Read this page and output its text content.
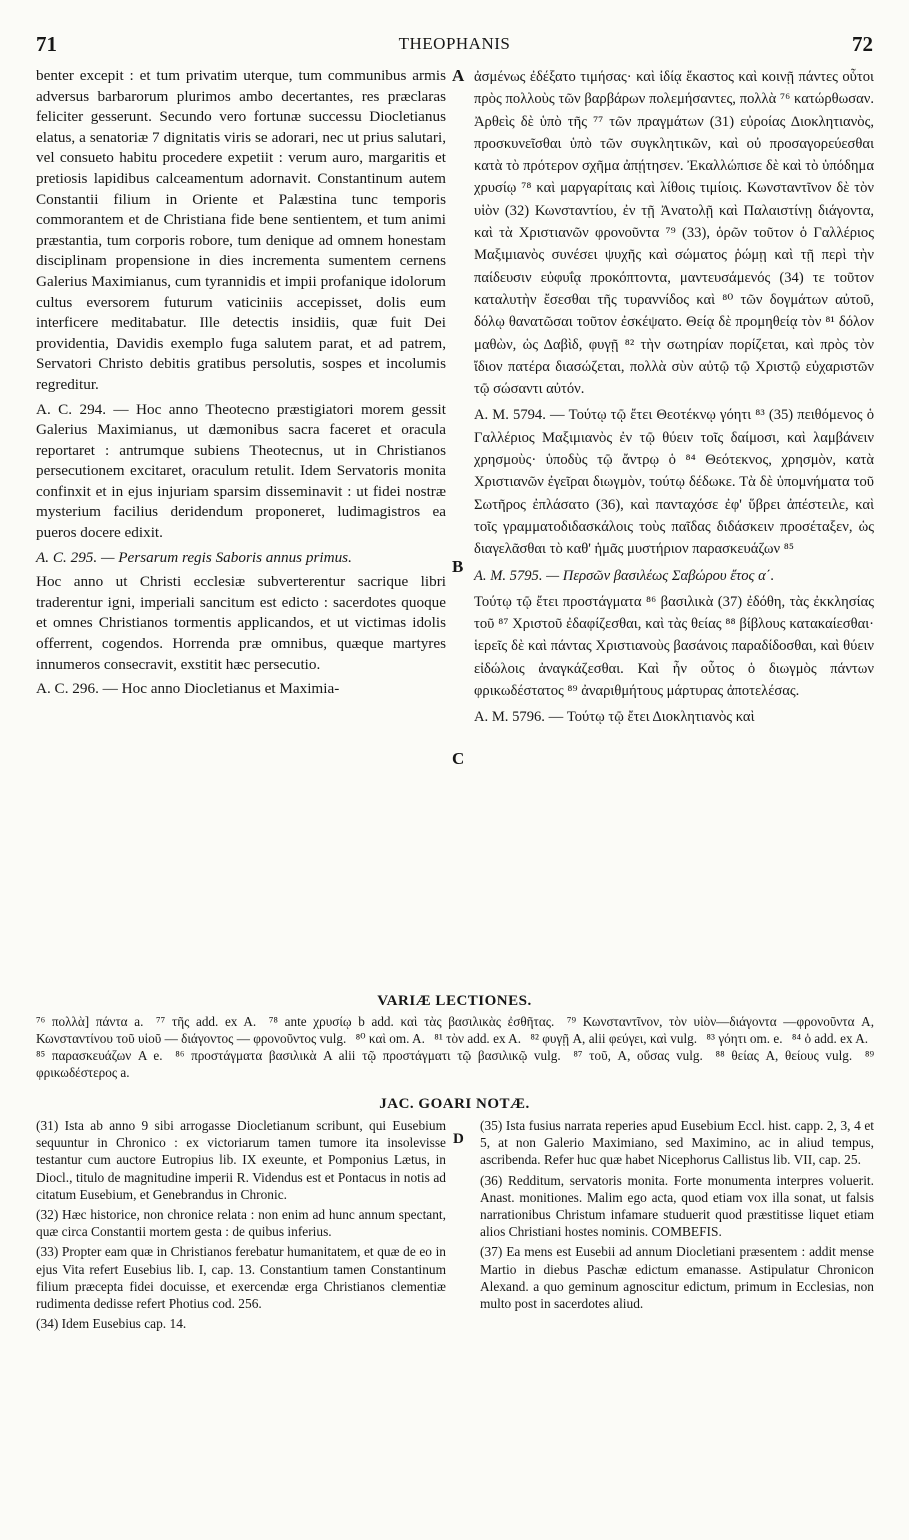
71	THEOPHANIS	72

benter excepit : et tum privatim uterque, tum communibus armis adversus barbarorum plurimos ambo decertantes, res præclaras feliciter gesserunt. Secundo vero fortunæ successu Diocletianus elatus, a senatoriæ 7 dignitatis viris se adorari, nec ut prius salutari, vel consueto habitu procedere expetiit : verum auro, margaritis et pretiosis lapidibus calceamentum adornavit. Constantinum autem Constantii filium in Oriente et Palæstina tunc temporis commorantem et de Christiana fide bene sentientem, et tum animi præstantia, tum corporis robore, tum denique ad omnem honestam disciplinam propensione in dies incrementa sumentem cernens Galerius Maximianus, cum tyrannidis et impii profanique idolorum cultus eversorem futurum vaticiniis accepisset, dolis eum interficere meditabatur. Ille detectis insidiis, quæ fuit Dei providentia, Davidis exemplo fuga salutem parat, et ad patrem, Servatori Christo debitis gratibus persolutis, sospes et incolumis regreditur.

A. C. 294. — Hoc anno Theotecno præstigiatori morem gessit Galerius Maximianus, ut dæmonibus sacra faceret et oracula reportaret : antrumque subiens Theotecnus, ut in Christianos persecutionem excitaret, oraculum retulit. Idem Servatoris monita confinxit et in ejus injuriam sparsim disseminavit : ut fidei nostræ mysterium facilius deridendum proponeret, ludimagistros ea pueros docere edixit.

A. C. 295. — Persarum regis Saboris annus primus.

Hoc anno ut Christi ecclesiæ subverterentur sacrique libri traderentur igni, imperiali sancitum est edicto : sacerdotes quoque et omnes Christianos tormentis applicandos, et ut victimas idolis offerrent, cogendos. Horrenda præ omnibus, quæque martyres innumeros consecravit, exstitit hæc persecutio.

A. C. 296. — Hoc anno Diocletianus et Maximia-

A
B
C

ἀσμένως ἐδέξατο τιμήσας· καὶ ἰδίᾳ ἕκαστος καὶ κοινῇ πάντες οὗτοι πρὸς πολλοὺς τῶν βαρβάρων πολεμήσαντες, πολλὰ ⁷⁶ κατώρθωσαν. Ἀρθεὶς δὲ ὑπὸ τῆς ⁷⁷ τῶν πραγμάτων (31) εὐροίας Διοκλητιανὸς, προσκυνεῖσθαι ὑπὸ τῶν συγκλητικῶν, καὶ οὐ προσαγορεύεσθαι κατὰ τὸ πρότερον σχῆμα ἀπῄτησεν. Ἐκαλλώπισε δὲ καὶ τὸ ὑπόδημα χρυσίῳ ⁷⁸ καὶ μαργαρίταις καὶ λίθοις τιμίοις. Κωνσταντῖνον δὲ τὸν υἱὸν (32) Κωνσταντίου, ἐν τῇ Ἀνατολῇ καὶ Παλαιστίνῃ διάγοντα, καὶ τὰ Χριστιανῶν φρονοῦντα ⁷⁹ (33), ὁρῶν τοῦτον ὁ Γαλλέριος Μαξιμιανὸς συνέσει ψυχῆς καὶ σώματος ῥώμῃ καὶ τῇ περὶ τὴν παίδευσιν εὐφυΐᾳ προκόπτοντα, μαντευσάμενός (34) τε τοῦτον καταλυτὴν ἔσεσθαι τῆς τυραννίδος καὶ ⁸⁰ τῶν δογμάτων αὐτοῦ, δόλῳ θανατῶσαι τοῦτον ἐσκέψατο. Θείᾳ δὲ προμηθείᾳ τὸν ⁸¹ δόλον μαθὼν, ὡς Δαβὶδ, φυγῇ ⁸² τὴν σωτηρίαν πορίζεται, καὶ πρὸς τὸν ἴδιον πατέρα διασώζεται, πολλὰ σὺν αὐτῷ τῷ Χριστῷ εὐχαριστῶν τῷ σώσαντι αὐτόν.

A. M. 5794. — Τούτῳ τῷ ἔτει Θεοτέκνῳ γόητι ⁸³ (35) πειθόμενος ὁ Γαλλέριος Μαξιμιανὸς ἐν τῷ θύειν τοῖς δαίμοσι, καὶ λαμβάνειν χρησμοὺς· ὑποδὺς τῷ ἄντρῳ ὁ ⁸⁴ Θεότεκνος, χρησμὸν, κατὰ Χριστιανῶν ἐγεῖραι διωγμὸν, τούτῳ δέδωκε. Τὰ δὲ ὑπομνήματα τοῦ Σωτῆρος ἐπλάσατο (36), καὶ πανταχόσε ἐφ' ὕβρει ἀπέστειλε, καὶ τοῖς γραμματοδιδασκάλοις τοὺς παῖδας διδάσκειν προσέταξεν, ὡς διαγελᾶσθαι τὸ καθ' ἡμᾶς μυστήριον παρασκευάζων ⁸⁵

A. M. 5795. — Περσῶν βασιλέως Σαβώρου ἔτος α΄.

Τούτῳ τῷ ἔτει προστάγματα ⁸⁶ βασιλικὰ (37) ἐδόθη, τὰς ἐκκλησίας τοῦ ⁸⁷ Χριστοῦ ἐδαφίζεσθαι, καὶ τὰς θείας ⁸⁸ βίβλους κατακαίεσθαι· ἱερεῖς δὲ καὶ πάντας Χριστιανοὺς βασάνοις παραδίδοσθαι, καὶ θύειν εἰδώλοις ἀναγκάζεσθαι. Καὶ ἦν οὗτος ὁ διωγμὸς πάντων φρικωδέστατος ⁸⁹ ἀναριθμήτους μάρτυρας ἀποτελέσας.

A. M. 5796. — Τούτῳ τῷ ἔτει Διοκλητιανὸς καὶ

VARIÆ LECTIONES.

⁷⁶ πολλὰ] πάντα a. ⁷⁷ τῆς add. ex A. ⁷⁸ ante χρυσίῳ b add. καὶ τὰς βασιλικὰς ἐσθῆτας. ⁷⁹ Κωνσταντῖνον, τὸν υἱὸν—διάγοντα —φρονοῦντα A, Κωνσταντίνου τοῦ υἱοῦ — διάγοντος — φρονοῦντος vulg. ⁸⁰ καὶ om. A. ⁸¹ τὸν add. ex A. ⁸² φυγῇ A, alii φεύγει, καὶ vulg. ⁸³ γόητι om. e. ⁸⁴ ὁ add. ex A. ⁸⁵ παρασκευάζων A e. ⁸⁶ προστάγματα βασιλικὰ A alii τῷ προστάγματι τῷ βασιλικῷ vulg. ⁸⁷ τοῦ, A, οὔσας vulg. ⁸⁸ θείας A, θείους vulg. ⁸⁹ φρικωδέστερος a.

JAC. GOARI NOTÆ.
D

(31) Ista ab anno 9 sibi arrogasse Diocletianum scribunt, qui Eusebium sequuntur in Chronico : ex victoriarum tamen tumore ita insolevisse testantur cum auctore Eutropius lib. IX exeunte, et Pomponius Lætus, in Diocl., titulo de magnitudine imperii R. Videndus est et Pontacus in notis ad citatum Eusebium, et Genebrandus in Chronic.

(32) Hæc historice, non chronice relata : non enim ad hunc annum spectant, quæ circa Constantii mortem gesta : de quibus inferius.

(33) Propter eam quæ in Christianos ferebatur humanitatem, et quæ de eo in ejus Vita refert Eusebius lib. I, cap. 13. Constantium tamen Constantinum filium præcepta fidei docuisse, et exercendæ erga Christianos clementiæ rudimenta dedisse refert Photius cod. 256.

(34) Idem Eusebius cap. 14.

(35) Ista fusius narrata reperies apud Eusebium Eccl. hist. capp. 2, 3, 4 et 5, at non Galerio Maximiano, sed Maximino, ac in aliud tempus, ascribenda. Refer huc quæ habet Nicephorus Callistus lib. VII, cap. 25.

(36) Redditum, servatoris monita. Forte monumenta interpres voluerit. Anast. monitiones. Malim ego acta, quod etiam vox illa sonat, ut falsis narrationibus Christum infamare studuerit quod præstitisse liquet etiam alios Christiani hostes nominis. COMBEFIS.

(37) Ea mens est Eusebii ad annum Diocletiani præsentem : addit mense Martio in diebus Paschæ edictum emanasse. Astipulatur Chronicon Alexand. a quo geminum agnoscitur edictum, primum in Ecclesias, non multo post in sacerdotes aliud.
